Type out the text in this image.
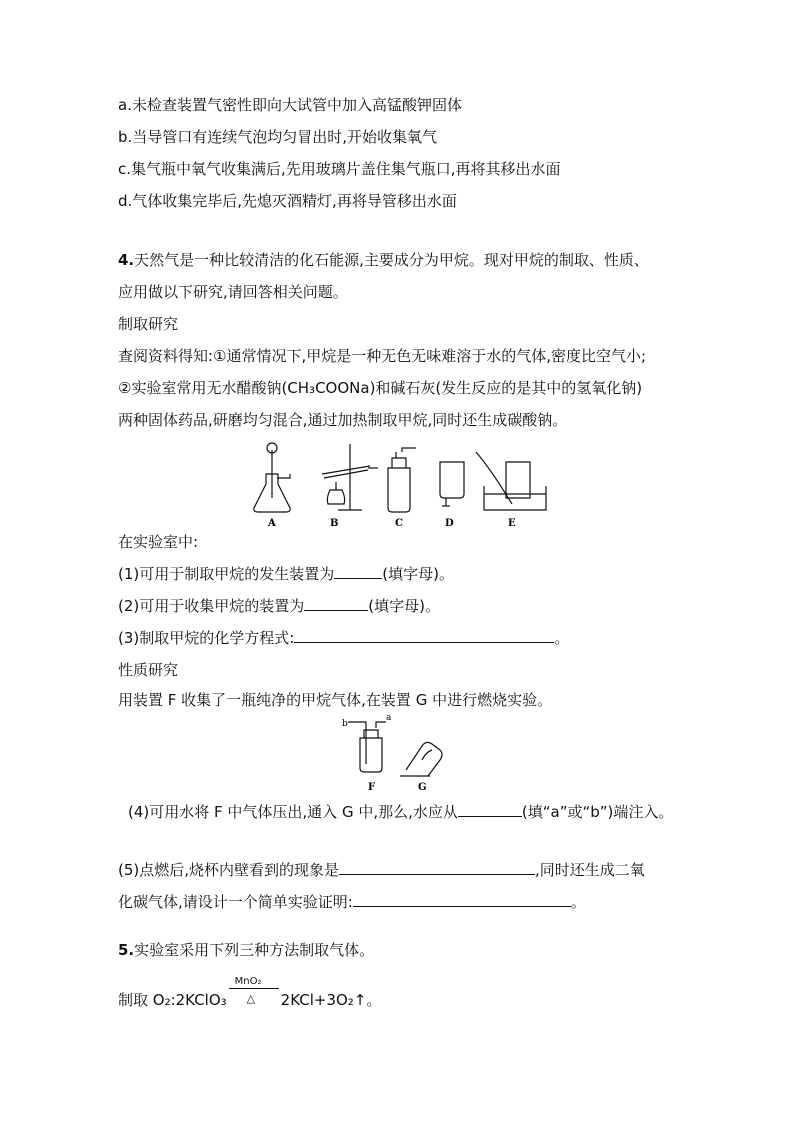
a.未检查装置气密性即向大试管中加入高锰酸钾固体
b.当导管口有连续气泡均匀冒出时,开始收集氧气
c.集气瓶中氧气收集满后,先用玻璃片盖住集气瓶口,再将其移出水面
d.气体收集完毕后,先熄灭酒精灯,再将导管移出水面
4.天然气是一种比较清洁的化石能源,主要成分为甲烷。现对甲烷的制取、性质、
应用做以下研究,请回答相关问题。
制取研究
查阅资料得知:①通常情况下,甲烷是一种无色无味难溶于水的气体,密度比空气小;
②实验室常用无水醋酸钠(CH₃COONa)和碱石灰(发生反应的是其中的氢氧化钠)
两种固体药品,研磨均匀混合,通过加热制取甲烷,同时还生成碳酸钠。
A	B	C	D	E
在实验室中:
(1)可用于制取甲烷的发生装置为	(填字母)。
(2)可用于收集甲烷的装置为	(填字母)。
(3)制取甲烷的化学方程式:	。
性质研究
用装置 F 收集了一瓶纯净的甲烷气体,在装置 G 中进行燃烧实验。
b
a
F	G
(4)可用水将 F 中气体压出,通入 G 中,那么,水应从	(填“a”或“b”)端注入。
(5)点燃后,烧杯内壁看到的现象是	,同时还生成二氧
化碳气体,请设计一个简单实验证明:	。
5.实验室采用下列三种方法制取气体。
制取 O₂:2KClO₃
MnO₂
△ 2KCl+3O₂↑。
